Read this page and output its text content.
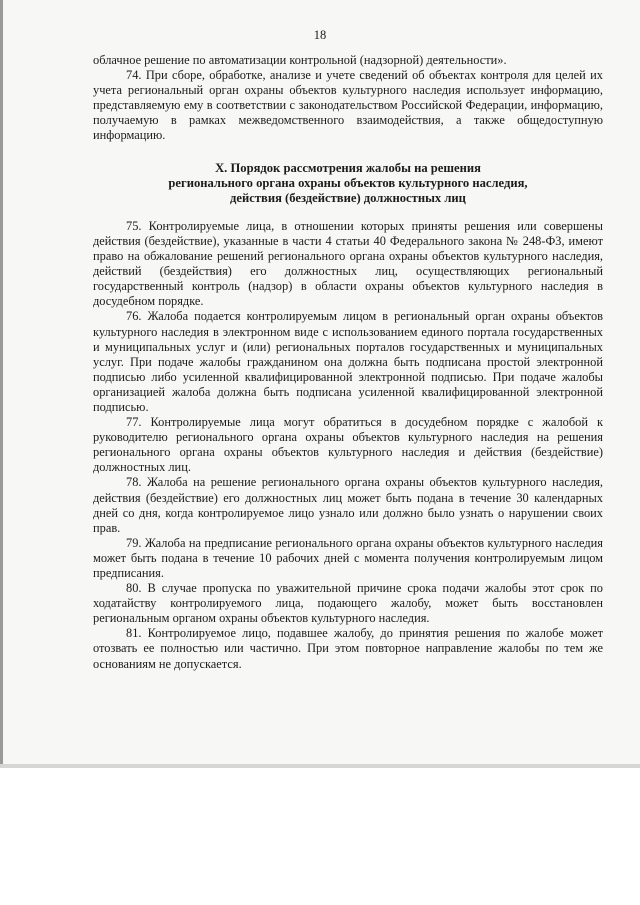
18

облачное решение по автоматизации контрольной (надзорной) деятельности».

74. При сборе, обработке, анализе и учете сведений об объектах контроля для целей их учета региональный орган охраны объектов культурного наследия использует информацию, представляемую ему в соответствии с законодательством Российской Федерации, информацию, получаемую в рамках межведомственного взаимодействия, а также общедоступную информацию.

X. Порядок рассмотрения жалобы на решения
регионального органа охраны объектов культурного наследия,
действия (бездействие) должностных лиц

75. Контролируемые лица, в отношении которых приняты решения или совершены действия (бездействие), указанные в части 4 статьи 40 Федерального закона № 248-ФЗ, имеют право на обжалование решений регионального органа охраны объектов культурного наследия, действий (бездействия) его должностных лиц, осуществляющих региональный государственный контроль (надзор) в области охраны объектов культурного наследия в досудебном порядке.

76. Жалоба подается контролируемым лицом в региональный орган охраны объектов культурного наследия в электронном виде с использованием единого портала государственных и муниципальных услуг и (или) региональных порталов государственных и муниципальных услуг. При подаче жалобы гражданином она должна быть подписана простой электронной подписью либо усиленной квалифицированной электронной подписью. При подаче жалобы организацией жалоба должна быть подписана усиленной квалифицированной электронной подписью.

77. Контролируемые лица могут обратиться в досудебном порядке с жалобой к руководителю регионального органа охраны объектов культурного наследия на решения регионального органа охраны объектов культурного наследия и действия (бездействие) должностных лиц.

78. Жалоба на решение регионального органа охраны объектов культурного наследия, действия (бездействие) его должностных лиц может быть подана в течение 30 календарных дней со дня, когда контролируемое лицо узнало или должно было узнать о нарушении своих прав.

79. Жалоба на предписание регионального органа охраны объектов культурного наследия может быть подана в течение 10 рабочих дней с момента получения контролируемым лицом предписания.

80. В случае пропуска по уважительной причине срока подачи жалобы этот срок по ходатайству контролируемого лица, подающего жалобу, может быть восстановлен региональным органом охраны объектов культурного наследия.

81. Контролируемое лицо, подавшее жалобу, до принятия решения по жалобе может отозвать ее полностью или частично. При этом повторное направление жалобы по тем же основаниям не допускается.
